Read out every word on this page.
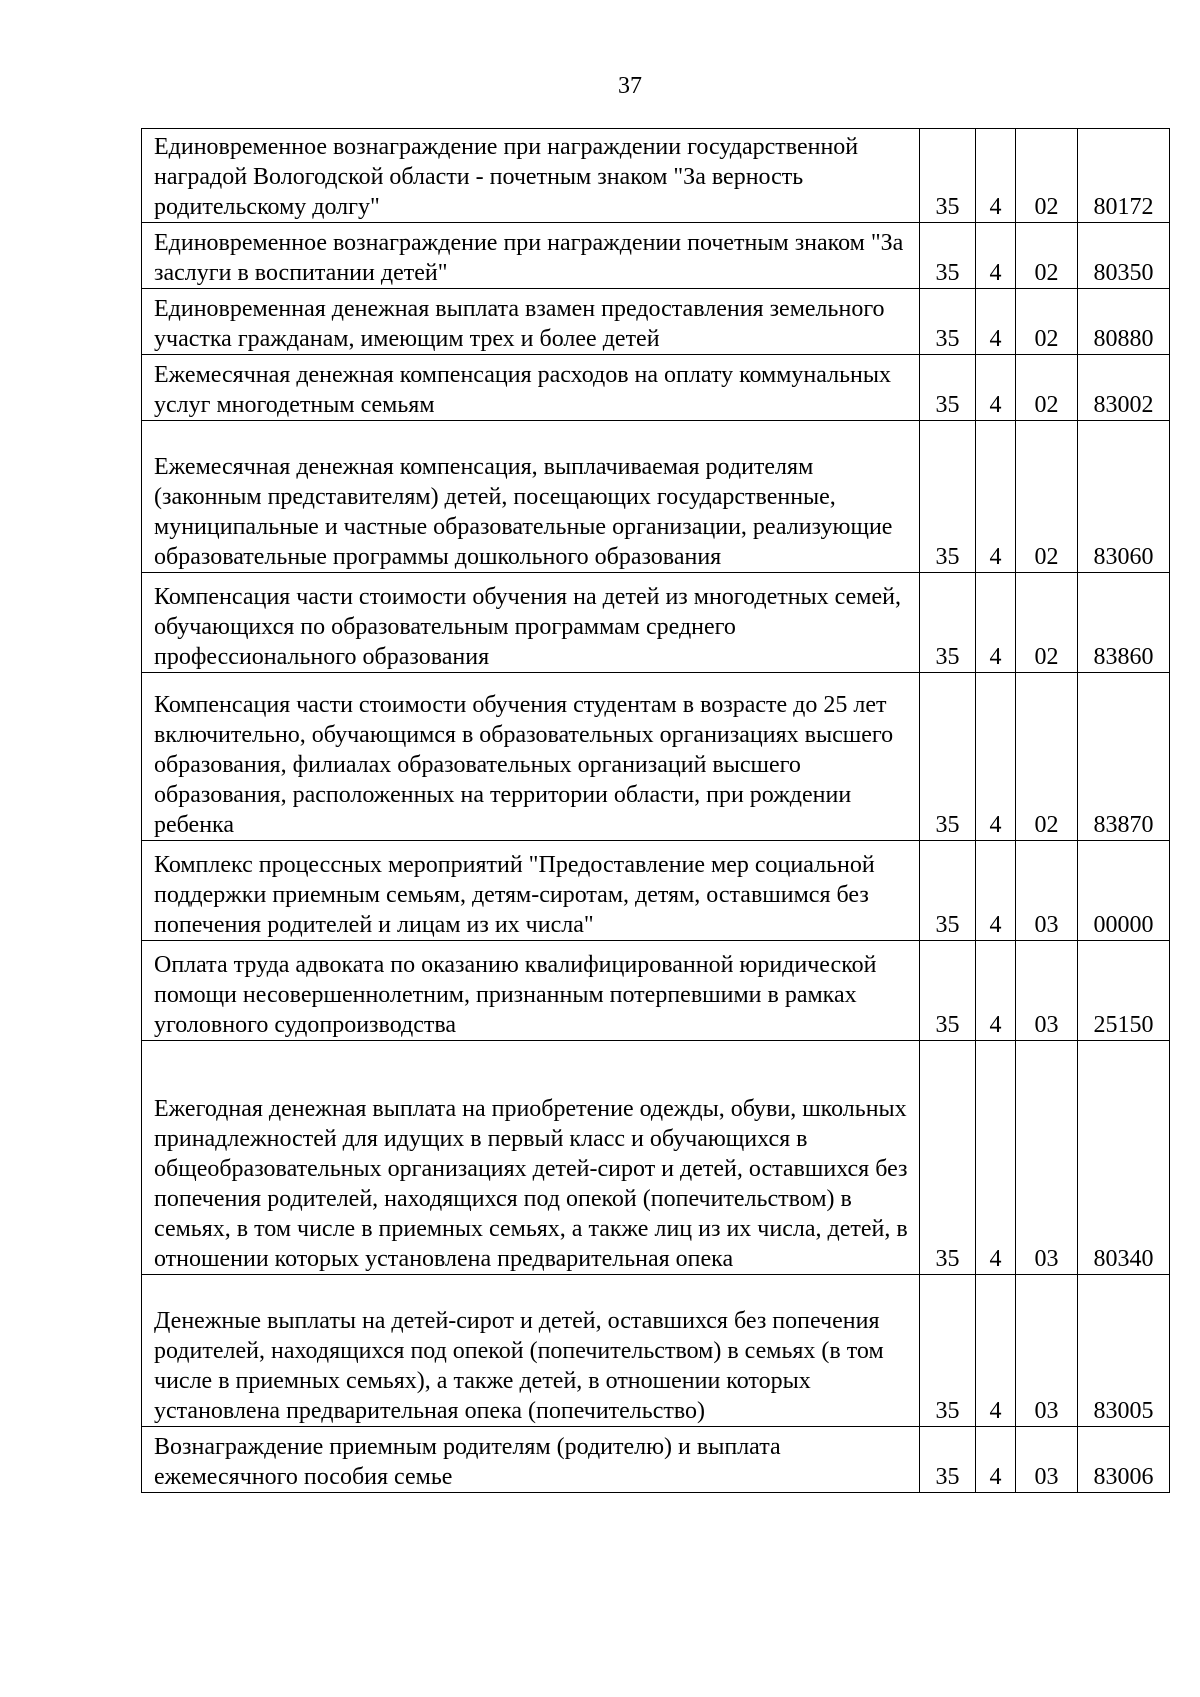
37
Единовременное вознаграждение при награждении государственной наградой Вологодской области - почетным знаком "За верность родительскому долгу"	35	4	02	80172
Единовременное вознаграждение при награждении почетным знаком "За заслуги в воспитании детей"	35	4	02	80350
Единовременная денежная выплата взамен предоставления земельного участка гражданам, имеющим трех и более детей	35	4	02	80880
Ежемесячная денежная компенсация расходов на оплату коммунальных услуг многодетным семьям	35	4	02	83002
Ежемесячная денежная компенсация, выплачиваемая родителям (законным представителям) детей, посещающих государственные, муниципальные и частные образовательные организации, реализующие образовательные программы дошкольного образования	35	4	02	83060
Компенсация части стоимости обучения на детей из многодетных семей, обучающихся по образовательным программам среднего профессионального образования	35	4	02	83860
Компенсация части стоимости обучения студентам в возрасте до 25 лет включительно, обучающимся в образовательных организациях высшего образования, филиалах образовательных организаций высшего образования, расположенных на территории области, при рождении ребенка	35	4	02	83870
Комплекс процессных мероприятий "Предоставление мер социальной поддержки приемным семьям, детям-сиротам, детям, оставшимся без попечения родителей и лицам из их числа"	35	4	03	00000
Оплата труда адвоката по оказанию квалифицированной юридической помощи несовершеннолетним, признанным потерпевшими в рамках уголовного судопроизводства	35	4	03	25150
Ежегодная денежная выплата на приобретение одежды, обуви, школьных принадлежностей для идущих в первый класс и обучающихся в общеобразовательных организациях детей-сирот и детей, оставшихся без попечения родителей, находящихся под опекой (попечительством) в семьях, в том числе в приемных семьях, а также лиц из их числа, детей, в отношении которых установлена предварительная опека	35	4	03	80340
Денежные выплаты на детей-сирот и детей, оставшихся без попечения родителей, находящихся под опекой (попечительством) в семьях (в том числе в приемных семьях), а также детей, в отношении которых установлена предварительная опека (попечительство)	35	4	03	83005
Вознаграждение приемным родителям (родителю) и выплата ежемесячного пособия семье	35	4	03	83006
